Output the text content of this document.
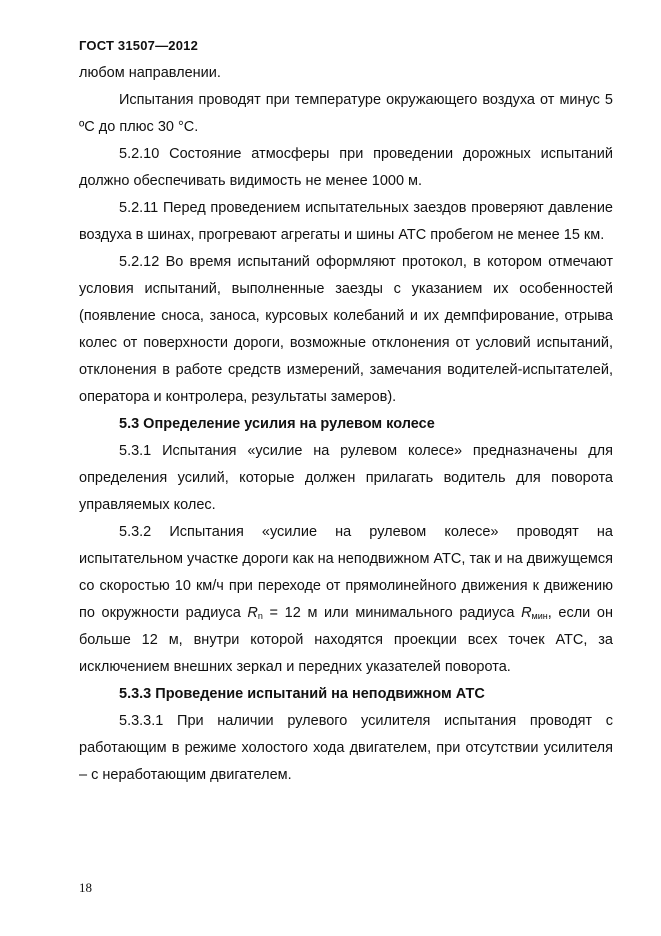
ГОСТ 31507—2012

любом направлении.

Испытания проводят при температуре окружающего воздуха от минус 5 ºС до плюс 30 °С.

5.2.10 Состояние атмосферы при проведении дорожных испытаний должно обеспечивать видимость не менее 1000 м.

5.2.11 Перед проведением испытательных заездов проверяют давление воздуха в шинах, прогревают агрегаты и шины АТС пробегом не менее 15 км.

5.2.12 Во время испытаний оформляют протокол, в котором отмечают условия испытаний, выполненные заезды с указанием их особенностей (появление сноса, заноса, курсовых колебаний и их демпфирование, отрыва колес от поверхности дороги, возможные отклонения от условий испытаний, отклонения в работе средств измерений, замечания водителей-испытателей, оператора и контролера, результаты замеров).

5.3 Определение усилия на рулевом колесе

5.3.1 Испытания «усилие на рулевом колесе» предназначены для определения усилий, которые должен прилагать водитель для поворота управляемых колес.

5.3.2 Испытания «усилие на рулевом колесе» проводят на испытательном участке дороги как на неподвижном АТС, так и на движущемся со скоростью 10 км/ч при переходе от прямолинейного движения к движению по окружности радиуса $R_n = 12$ м или минимального радиуса $R_{мин}$, если он больше 12 м, внутри которой находятся проекции всех точек АТС, за исключением внешних зеркал и передних указателей поворота.

5.3.3 Проведение испытаний на неподвижном АТС

5.3.3.1 При наличии рулевого усилителя испытания проводят с работающим в режиме холостого хода двигателем, при отсутствии усилителя – с неработающим двигателем.

18
